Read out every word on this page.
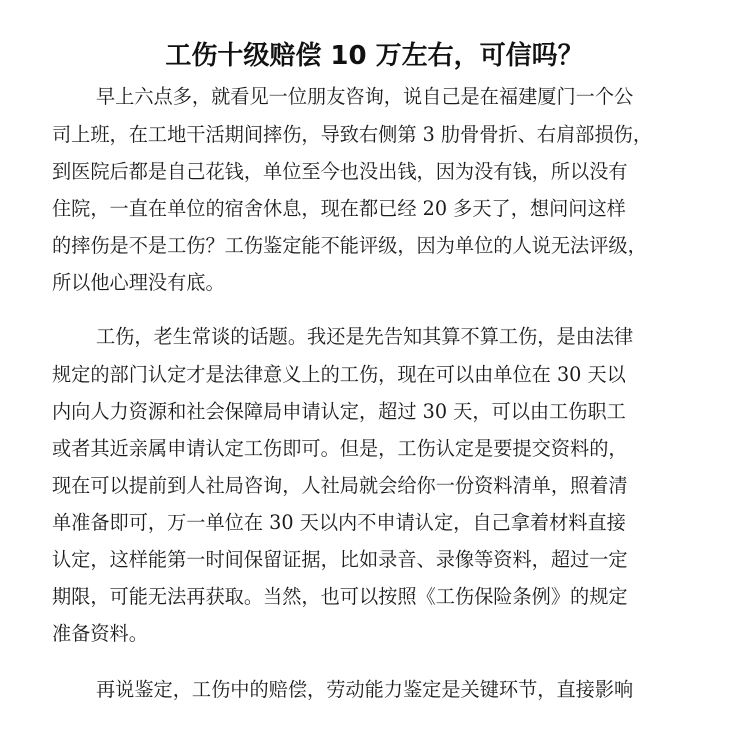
工伤十级赔偿 10 万左右，可信吗？
早上六点多，就看见一位朋友咨询，说自己是在福建厦门一个公
司上班，在工地干活期间摔伤，导致右侧第 3 肋骨骨折、右肩部损伤，
到医院后都是自己花钱，单位至今也没出钱，因为没有钱，所以没有
住院，一直在单位的宿舍休息，现在都已经 20 多天了，想问问这样
的摔伤是不是工伤？工伤鉴定能不能评级，因为单位的人说无法评级，
所以他心理没有底。
工伤，老生常谈的话题。我还是先告知其算不算工伤，是由法律
规定的部门认定才是法律意义上的工伤，现在可以由单位在 30 天以
内向人力资源和社会保障局申请认定，超过 30 天，可以由工伤职工
或者其近亲属申请认定工伤即可。但是，工伤认定是要提交资料的，
现在可以提前到人社局咨询，人社局就会给你一份资料清单，照着清
单准备即可，万一单位在 30 天以内不申请认定，自己拿着材料直接
认定，这样能第一时间保留证据，比如录音、录像等资料，超过一定
期限，可能无法再获取。当然，也可以按照《工伤保险条例》的规定
准备资料。
再说鉴定，工伤中的赔偿，劳动能力鉴定是关键环节，直接影响
